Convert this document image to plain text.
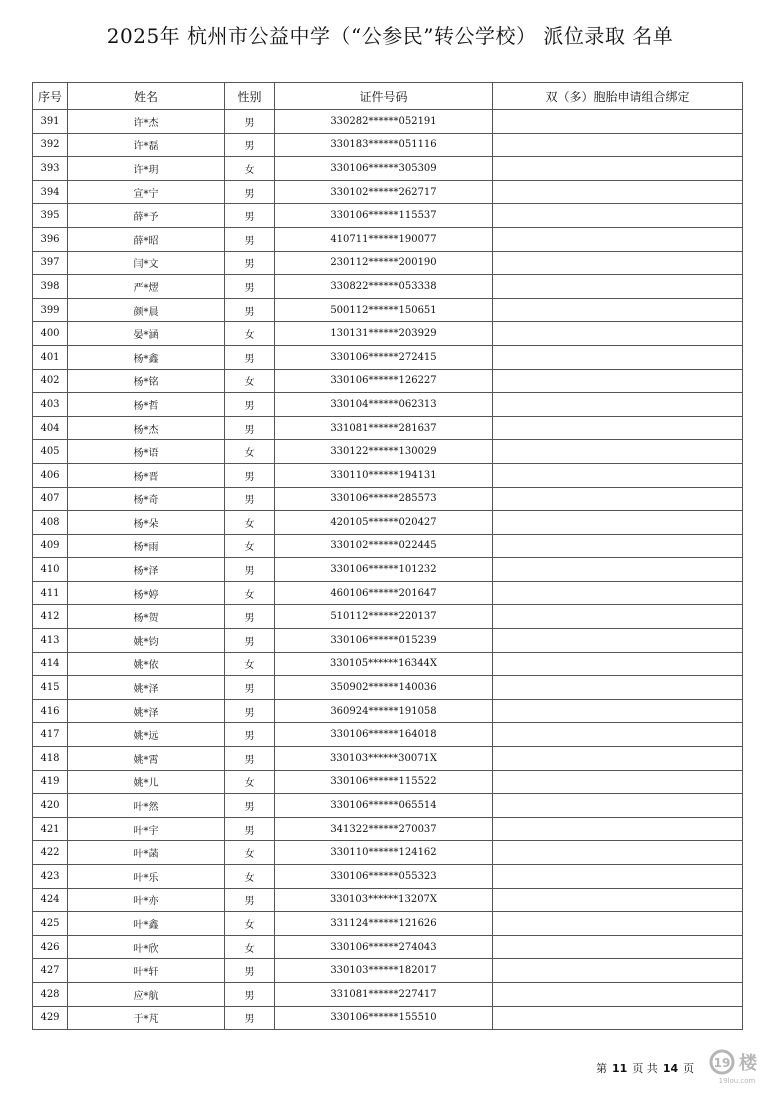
2025年 杭州市公益中学（“公参民”转公学校） 派位录取 名单
序号	姓名	性别	证件号码	双（多）胞胎申请组合绑定
391	许*杰	男	330282******052191	
392	许*磊	男	330183******051116	
393	许*玥	女	330106******305309	
394	宣*宁	男	330102******262717	
395	薛*予	男	330106******115537	
396	薛*昭	男	410711******190077	
397	闫*文	男	230112******200190	
398	严*熤	男	330822******053338	
399	颜*晨	男	500112******150651	
400	晏*涵	女	130131******203929	
401	杨*鑫	男	330106******272415	
402	杨*铭	女	330106******126227	
403	杨*哲	男	330104******062313	
404	杨*杰	男	331081******281637	
405	杨*语	女	330122******130029	
406	杨*晋	男	330110******194131	
407	杨*奇	男	330106******285573	
408	杨*朵	女	420105******020427	
409	杨*雨	女	330102******022445	
410	杨*泽	男	330106******101232	
411	杨*婷	女	460106******201647	
412	杨*贺	男	510112******220137	
413	姚*钧	男	330106******015239	
414	姚*依	女	330105******16344X	
415	姚*泽	男	350902******140036	
416	姚*泽	男	360924******191058	
417	姚*远	男	330106******164018	
418	姚*霄	男	330103******30071X	
419	姚*儿	女	330106******115522	
420	叶*然	男	330106******065514	
421	叶*宇	男	341322******270037	
422	叶*菡	女	330110******124162	
423	叶*乐	女	330106******055323	
424	叶*亦	男	330103******13207X	
425	叶*鑫	女	331124******121626	
426	叶*欣	女	330106******274043	
427	叶*轩	男	330103******182017	
428	应*航	男	331081******227417	
429	于*芃	男	330106******155510	
第 11 页 共 14 页 19 楼
19lou.com
